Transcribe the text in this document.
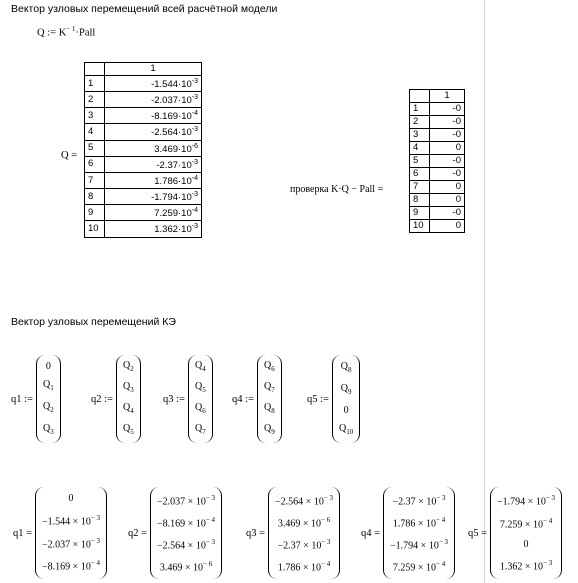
Вектор узловых перемещений всей расчётной модели
Q := $K^{- 1}\cdot Pall$
Q =
	1
1	$-1.544\cdot 10^{-3}$
2	$-2.037\cdot 10^{-3}$
3	$-8.169\cdot 10^{-4}$
4	$-2.564\cdot 10^{-3}$
5	$3.469\cdot 10^{-6}$
6	$-2.37\cdot 10^{-3}$
7	$1.786\cdot 10^{-4}$
8	$-1.794\cdot 10^{-3}$
9	$7.259\cdot 10^{-4}$
10	$1.362\cdot 10^{-3}$
проверка K·Q − Pall =
	1
1	-0
2	-0
3	-0
4	0
5	-0
6	-0
7	0
8	0
9	-0
10	0
Вектор узловых перемещений КЭ
q1 :=
0
$Q_1$
$Q_2$
$Q_3$
q2 :=
$Q_2$
$Q_3$
$Q_4$
$Q_5$
q3 :=
$Q_4$
$Q_5$
$Q_6$
$Q_7$
q4 :=
$Q_6$
$Q_7$
$Q_8$
$Q_9$
q5 :=
$Q_8$
$Q_9$
0
$Q_{10}$
q1 =
0
$-1.544 \times 10^{- 3}$
$-2.037 \times 10^{- 3}$
$-8.169 \times 10^{- 4}$
q2 =
$-2.037 \times 10^{- 3}$
$-8.169 \times 10^{- 4}$
$-2.564 \times 10^{- 3}$
$3.469 \times 10^{- 6}$
q3 =
$-2.564 \times 10^{- 3}$
$3.469 \times 10^{- 6}$
$-2.37 \times 10^{- 3}$
$1.786 \times 10^{- 4}$
q4 =
$-2.37 \times 10^{- 3}$
$1.786 \times 10^{- 4}$
$-1.794 \times 10^{- 3}$
$7.259 \times 10^{- 4}$
q5 =
$-1.794 \times 10^{- 3}$
$7.259 \times 10^{- 4}$
0
$1.362 \times 10^{- 3}$
